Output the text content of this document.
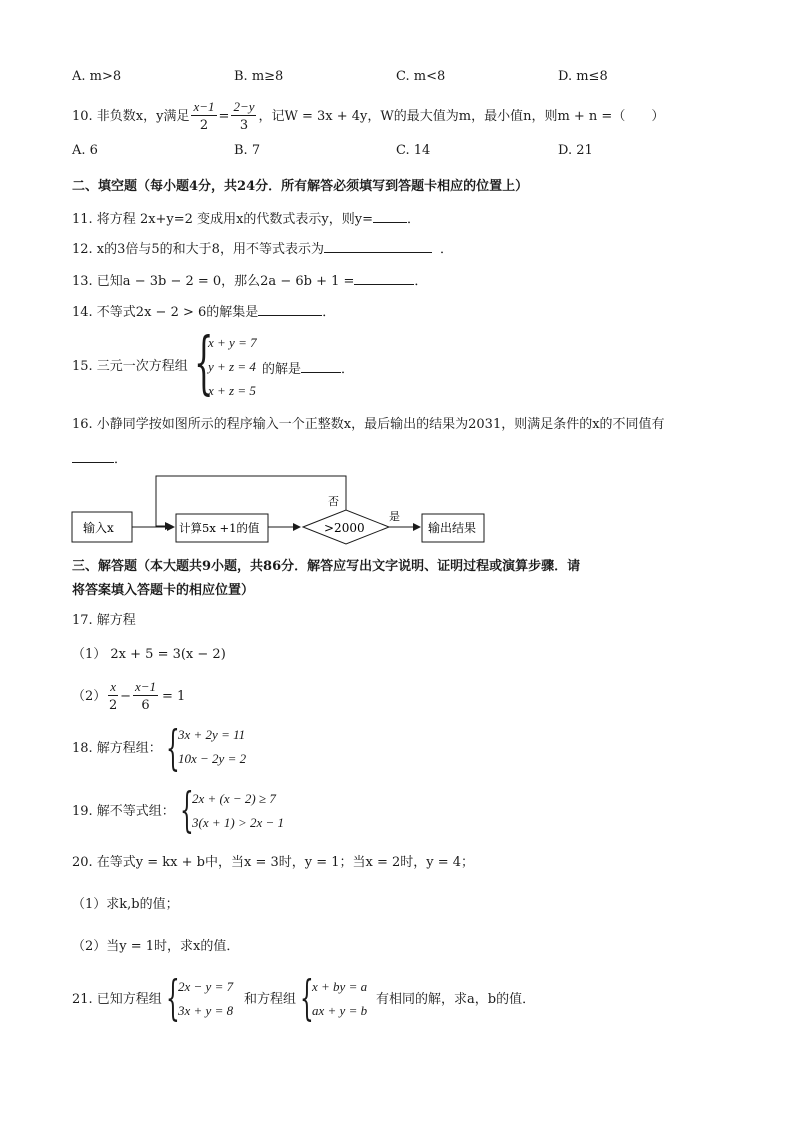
A. m>8	B. m≥8	C. m<8	D. m≤8
10. 非负数x，y满足 $\frac{x-1}{2} = \frac{2-y}{3}$ ，记W = 3x + 4y，W的最大值为m，最小值n，则m + n =（　　）
A. 6	B. 7	C. 14	D. 21
二、填空题（每小题4分，共24分．所有解答必须填写到答题卡相应的位置上）
11. 将方程 2x+y=2 变成用x的代数式表示y，则y=	．
12. x的3倍与5的和大于8，用不等式表示为	．
13. 已知a − 3b − 2 = 0，那么2a − 6b + 1 =	．
14. 不等式2x − 2 > 6的解集是	．
15. 三元一次方程组 {
x + y = 7
y + z = 4
x + z = 5
的解是	．
16. 小静同学按如图所示的程序输入一个正整数x，最后输出的结果为2031，则满足条件的x的不同值有
．
输入x	计算5x +1的值	>2000
否
是
输出结果
三、解答题（本大题共9小题，共86分．解答应写出文字说明、证明过程或演算步骤．请
将答案填入答题卡的相应位置）
17. 解方程
（1） 2x + 5 = 3(x − 2)
$(2) \frac{x}{2} - \frac{x-1}{6} = 1$
18. 解方程组： {
3x + 2y = 11
10x − 2y = 2
19. 解不等式组： {
2x + (x − 2) ≥ 7
3(x + 1) > 2x − 1
20. 在等式y = kx + b中，当x = 3时，y = 1；当x = 2时，y = 4；
（1）求k,b的值；
（2）当y = 1时，求x的值．
21. 已知方程组 {
2x − y = 7
3x + y = 8
和方程组 {
x + by = a
ax + y = b
有相同的解，求a，b的值．
